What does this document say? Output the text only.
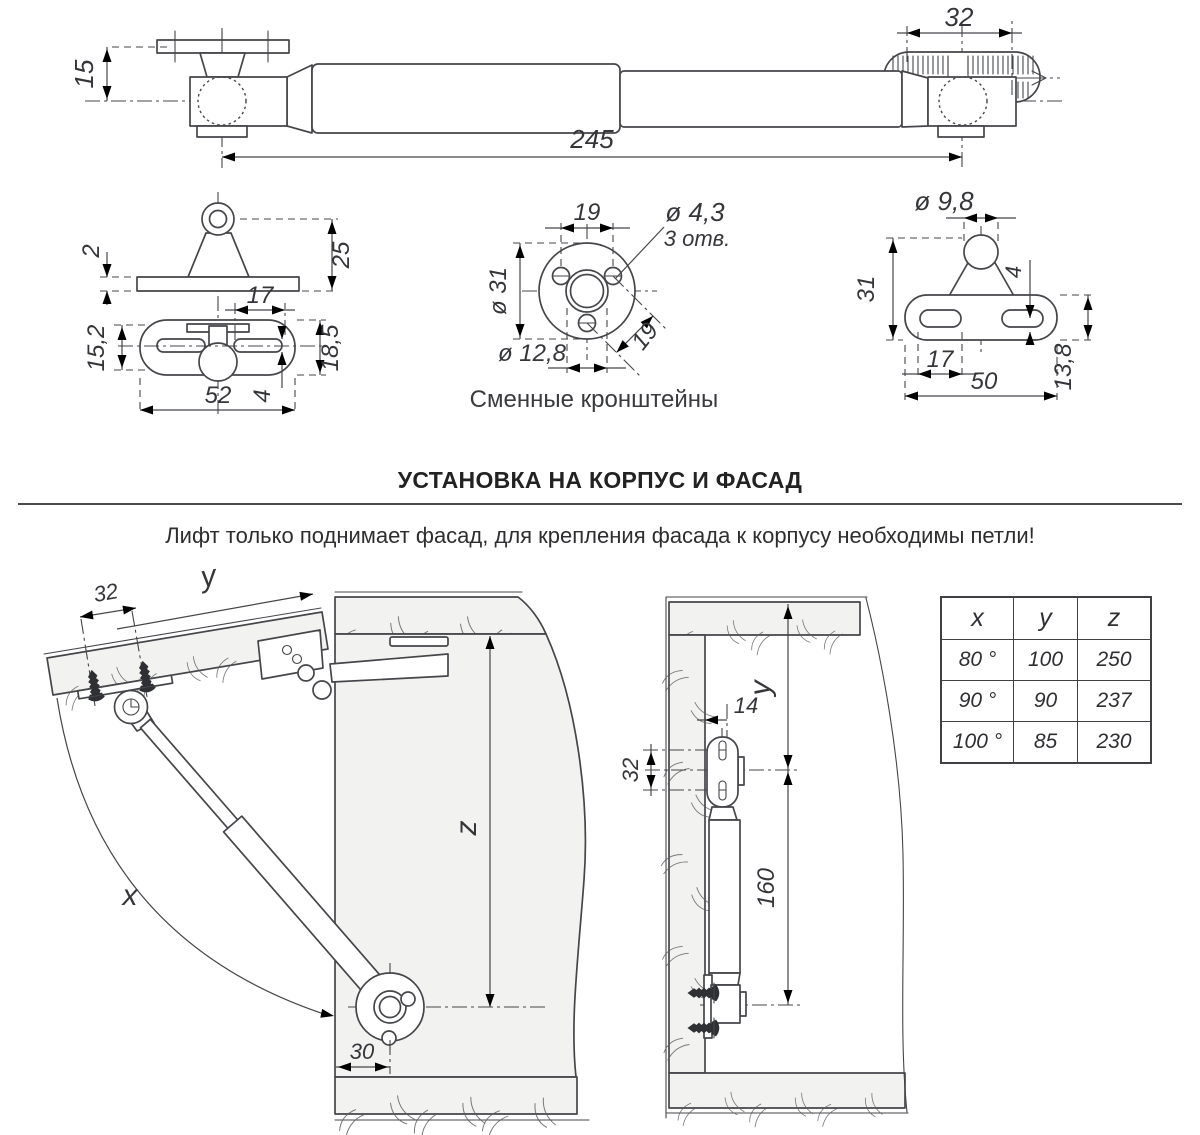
15
32
245
2	25
17
15,2	18,5
4
52
19	ø 4,3
3 отв.
ø 31
19
ø 12,8
Сменные кронштейны
ø 9,8
31
4
17
50 13,8
32	y
x
z
30
y
160
14
32
УСТАНОВКА НА КОРПУС И ФАСАД
Лифт только поднимает фасад, для крепления фасада к корпусу необходимы петли!
x	y	z
80 °	100	250
90 °	90	237
100 °	85	230
